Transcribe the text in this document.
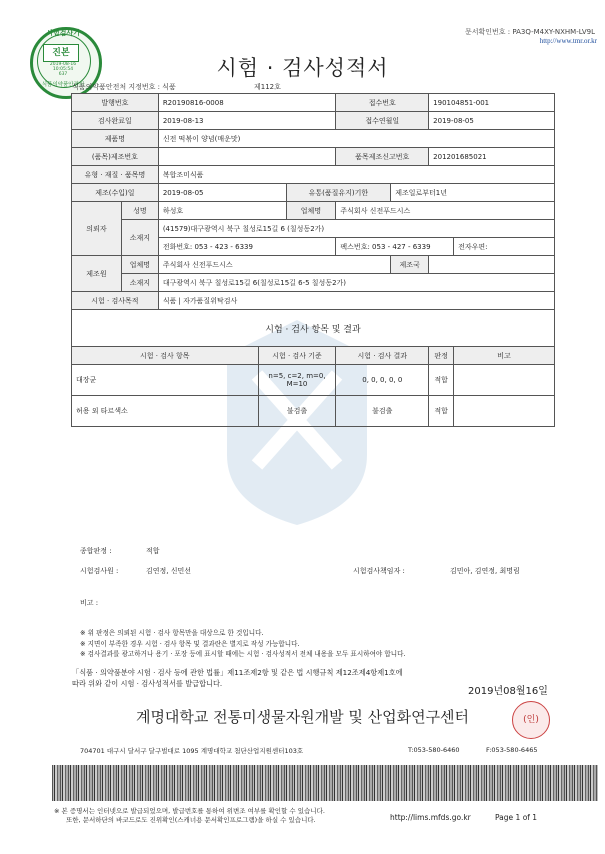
문서확인번호 : PA3Q-M4XY-NXHM-LV9L
http://www.tmr.or.kr
시험검사기
진본
2019-08-16
10:05:54
637
식품의약품안전처
식품의약품안전처 지정번호 : 식품	제112호
시험 · 검사성적서
발행번호		R20190816-0008			접수번호		190104851-001	
검사완료일		2019-08-13			접수연월일		2019-08-05	
제품명		신전 떡볶이 양념(매운맛)						
(품목)제조번호					품목제조신고번호		201201685021	
유형 · 재질 · 품목명		복합조미식품						
제조(수입)일		2019-08-05		유통(품질유지)기한		제조일로부터1년		
의뢰자	성명	하성호		업체명	주식회사 신전푸드시스			
	소재지	(41579)대구광역시 북구 칠성로15길 6 (칠성동2가)						
		전화번호: 053 - 423 - 6339			팩스번호: 053 - 427 - 6339			전자우편:
제조원	업체명	주식회사 신전푸드시스				제조국		
	소재지	대구광역시 북구 칠성로15길 6(칠성로15길 6-5 칠성동2가)						
시험 · 검사목적		식품 | 자가품질위탁검사						
시험 · 검사 항목 및 결과								
시험 · 검사 항목			시험 · 검사 기준		시험 · 검사 결과		판정	비고
대장균			n=5, c=2, m=0, M=10		0, 0, 0, 0, 0		적합	
허용 외 타르색소			불검출		불검출		적합	
종합판정 :	적합
시험검사원 :	김연정, 신민선	시험검사책임자 :	김민아, 김연정, 최명림
비고 :
※ 위 판정은 의뢰된 시험 · 검사 항목만을 대상으로 한 것입니다.
※ 지면이 부족한 경우 시험 · 검사 항목 및 결과란은 별지로 작성 가능합니다.
※ 검사결과를 광고하거나 용기 · 포장 등에 표시할 때에는 시험 · 검사성적서 전체 내용을 모두 표시하여야 합니다.
「식품 · 의약품분야 시험 · 검사 등에 관한 법률」제11조제2항 및 같은 법 시행규칙 제12조제4항제1호에
따라 위와 같이 시험 · 검사성적서를 발급합니다.
2019년08월16일
계명대학교 전통미생물자원개발 및 산업화연구센터	(인)
704701 대구시 달서구 달구벌대로 1095 계명대학교 첨단산업지원센터103호	T:053-580-6460	F:053-580-6465
※ 본 증명서는 인터넷으로 발급되었으며, 발급번호를 통하여 위변조 여부를 확인할 수 있습니다.
또한, 문서하단의 바코드로도 진위확인(스캐너용 문서확인프로그램)을 하실 수 있습니다.	http://lims.mfds.go.kr	Page 1 of 1
